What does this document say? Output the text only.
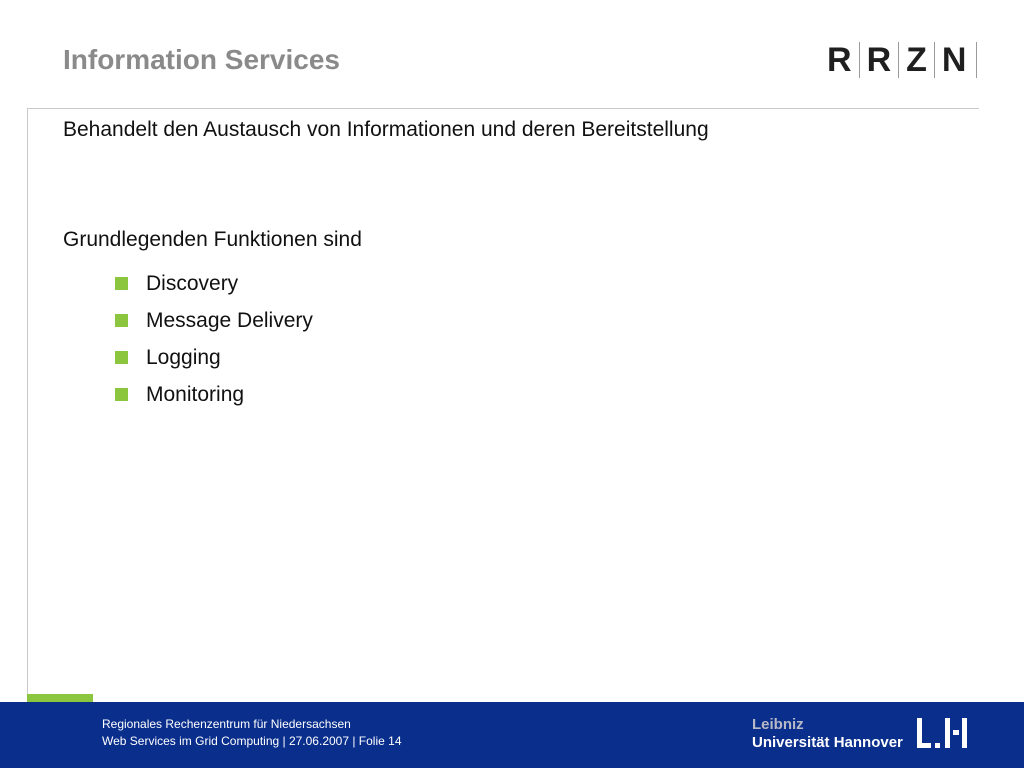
Information Services	R R Z N
Behandelt den Austausch von Informationen und deren Bereitstellung
Grundlegenden Funktionen sind
Discovery
Message Delivery
Logging
Monitoring
Regionales Rechenzentrum für Niedersachsen
Web Services im Grid Computing | 27.06.2007 | Folie 14
Leibniz
Universität Hannover
